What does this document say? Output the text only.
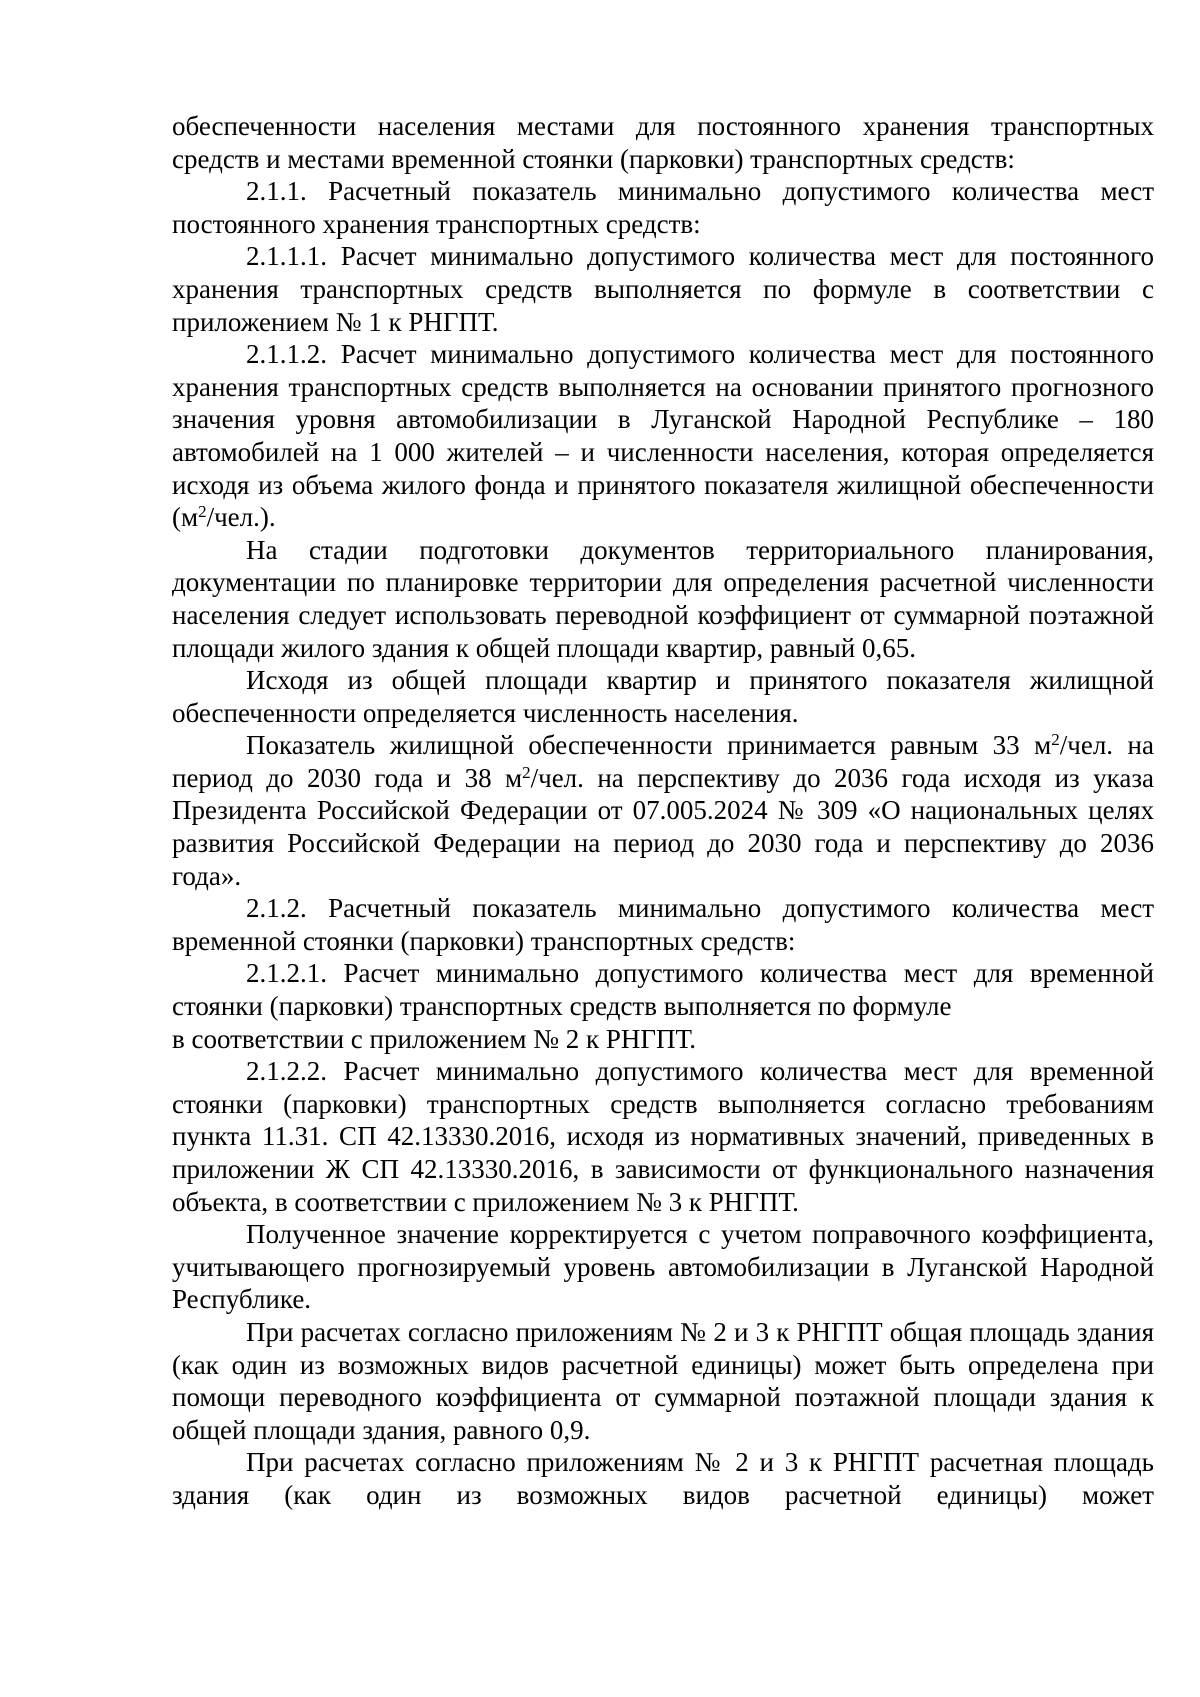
обеспеченности населения местами для постоянного хранения транспортных средств и местами временной стоянки (парковки) транспортных средств:

2.1.1. Расчетный показатель минимально допустимого количества мест постоянного хранения транспортных средств:

2.1.1.1. Расчет минимально допустимого количества мест для постоянного хранения транспортных средств выполняется по формуле в соответствии с приложением № 1 к РНГПТ.

2.1.1.2. Расчет минимально допустимого количества мест для постоянного хранения транспортных средств выполняется на основании принятого прогнозного значения уровня автомобилизации в Луганской Народной Республике – 180 автомобилей на 1 000 жителей – и численности населения, которая определяется исходя из объема жилого фонда и принятого показателя жилищной обеспеченности $(м^2/чел.)$.

На стадии подготовки документов территориального планирования, документации по планировке территории для определения расчетной численности населения следует использовать переводной коэффициент от суммарной поэтажной площади жилого здания к общей площади квартир, равный 0,65.

Исходя из общей площади квартир и принятого показателя жилищной обеспеченности определяется численность населения.

Показатель жилищной обеспеченности принимается равным 33 $м^2$/чел. на период до 2030 года и 38 $м^2$/чел. на перспективу до 2036 года исходя из указа Президента Российской Федерации от 07.005.2024 № 309 «О национальных целях развития Российской Федерации на период до 2030 года и перспективу до 2036 года».

2.1.2. Расчетный показатель минимально допустимого количества мест временной стоянки (парковки) транспортных средств:

2.1.2.1. Расчет минимально допустимого количества мест для временной стоянки (парковки) транспортных средств выполняется по формуле

в соответствии с приложением № 2 к РНГПТ.

2.1.2.2. Расчет минимально допустимого количества мест для временной стоянки (парковки) транспортных средств выполняется согласно требованиям пункта 11.31. СП 42.13330.2016, исходя из нормативных значений, приведенных в приложении Ж СП 42.13330.2016, в зависимости от функционального назначения объекта, в соответствии с приложением № 3 к РНГПТ.

Полученное значение корректируется с учетом поправочного коэффициента, учитывающего прогнозируемый уровень автомобилизации в Луганской Народной Республике.

При расчетах согласно приложениям № 2 и 3 к РНГПТ общая площадь здания (как один из возможных видов расчетной единицы) может быть определена при помощи переводного коэффициента от суммарной поэтажной площади здания к общей площади здания, равного 0,9.

При расчетах согласно приложениям № 2 и 3 к РНГПТ расчетная площадь здания (как один из возможных видов расчетной единицы) может
